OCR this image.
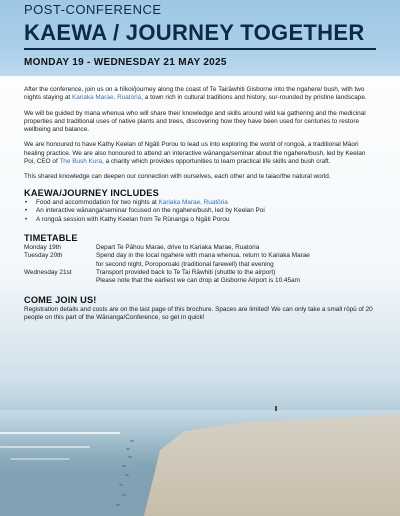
POST-CONFERENCE
KAEWA / JOURNEY TOGETHER
MONDAY 19 - WEDNESDAY 21 MAY 2025

After the conference, join us on a hīkoi/journey along the coast of Te Tairāwhiti Gisborne into the ngahere/ bush, with two nights staying at Kariaka Marae, Ruatoria, a town rich in cultural traditions and history, sur-rounded by pristine landscape.

We will be guided by mana whenua who will share their knowledge and skills around wild kai gathering and the medicinal properties and traditional uses of native plants and trees, discovering how they have been used for centuries to restore wellbeing and balance.

We are honoured to have Kathy Keelan of Ngāti Porou to lead us into exploring the world of rongoā, a traditional Māori healing practice. We are also honoured to attend an interactive wānanga/seminar about the ngahere/bush, led by Keelan Poi, CEO of The Bush Kura, a charity which provides opportunities to learn practical life skills and bush craft.

This shared knowledge can deepen our connection with ourselves, each other and te taiao/the natural world.

KAEWA/JOURNEY INCLUDES
• Food and accommodation for two nights at Kariaka Marae, Ruatōria
• An interactive wānanga/seminar focused on the ngahere/bush, led by Keelan Poi
• A rongoā session with Kathy Keelan from Te Rūnanga o Ngāti Porou
TIMETABLE
Monday 19th	Depart Te Pāhou Marae, drive to Kariaka Marae, Ruatoria

Tuesday 20th	Spend day in the local ngahere with mana whenua, return to Kariaka Marae
for second night, Poroporoaki (traditional farewell) that evening

Wednesday 21st	Transport provided back to Te Tai Rāwhiti (shuttle to the airport)
Please note that the earliest we can drop at Gisborne Airport is 10.45am
COME JOIN US!

Registration details and costs are on the last page of this brochure. Spaces are limited! We can only take a small rōpū of 20 people on this part of the Wānanga/Conference, so get in quick!
